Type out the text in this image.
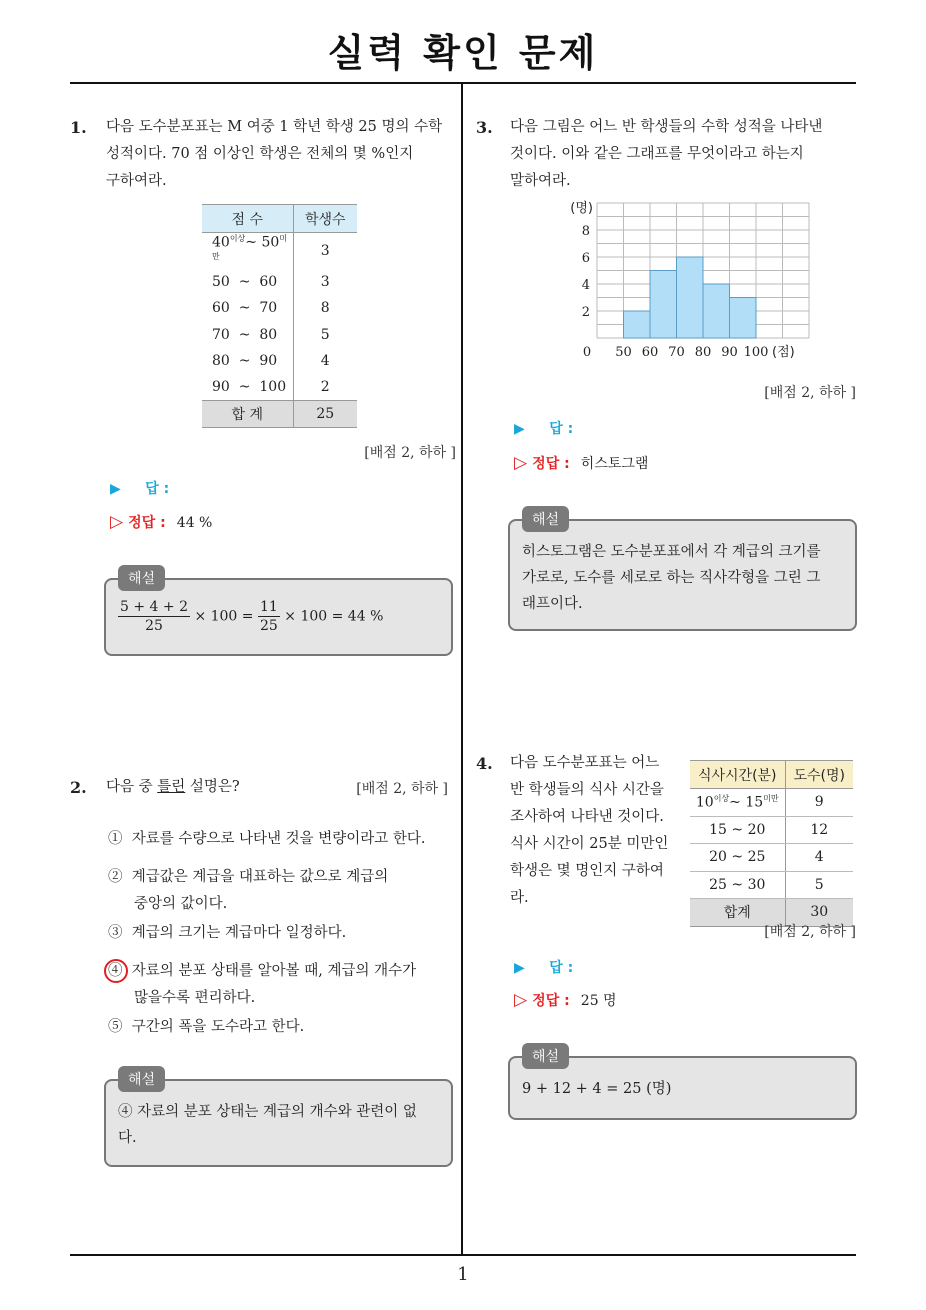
실력 확인 문제
1
1. 다음 도수분포표는 M 여중 1 학년 학생 25 명의 수학

성적이다. 70 점 이상인 학생은 전체의 몇 %인지

구하여라.

점 수	학생수
$40^{이상}\sim$ $50^{미만}$	3
50 ~ 60	3
60 ~ 70	8
70 ~ 80	5
80 ~ 90	4
90 ~ 100	2
합 계	25
[배점 2, 하하 ]
▶ 답 :
▷ 정답 : 44 %
$\frac{5 + 4 + 2}{25} \times 100 = \frac{11}{25} \times 100 = 44$ %
해설
2. 다음 중 틀린 설명은?	[배점 2, 하하 ]
① 자료를 수량으로 나타낸 것을 변량이라고 한다.
② 계급값은 계급을 대표하는 값으로 계급의
중앙의 값이다.
③ 계급의 크기는 계급마다 일정하다.
④ 자료의 분포 상태를 알아볼 때, 계급의 개수가
많을수록 편리하다.
⑤ 구간의 폭을 도수라고 한다.
④ 자료의 분포 상태는 계급의 개수와 관련이 없
다.
해설
3. 다음 그림은 어느 반 학생들의 수학 성적을 나타낸

것이다. 이와 같은 그래프를 무엇이라고 하는지

말하여라.

2
4
6
8
(명)
0 50 60 70 80 90 100 (점)
[배점 2, 하하 ]
▶ 답 :
▷ 정답 : 히스토그램
히스토그램은 도수분포표에서 각 계급의 크기를
가로로, 도수를 세로로 하는 직사각형을 그린 그
래프이다.
해설
4. 다음 도수분포표는 어느

반 학생들의 식사 시간을

조사하여 나타낸 것이다.

식사 시간이 25분 미만인

학생은 몇 명인지 구하여

라.

식사시간(분)	도수(명)
$10^{이상}\sim$ $15^{미만}$	9
15 ~ 20	12
20 ~ 25	4
25 ~ 30	5
합계	30
[배점 2, 하하 ]
▶ 답 :
▷ 정답 : 25 명
9 + 12 + 4 = 25 (명)
해설
